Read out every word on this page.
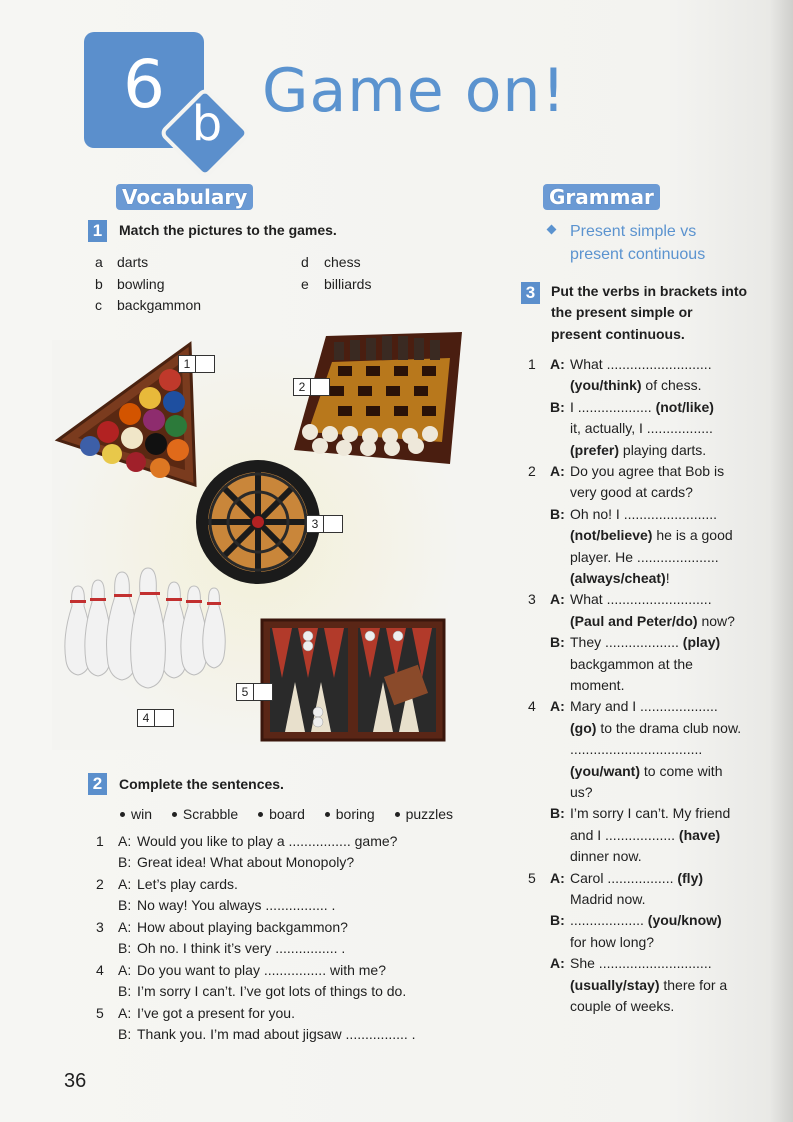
6
b Game on!
Vocabulary
1	Match the pictures to the games.
a darts
b bowling
c backgammon
d chess
e billiards
1
2
3
4
5
2	Complete the sentences.
win Scrabble board boring puzzles
1 A: Would you like to play a ................ game?
B: Great idea! What about Monopoly?
2 A: Let’s play cards.
B: No way! You always ................ .
3 A: How about playing backgammon?
B: Oh no. I think it’s very ................ .
4 A: Do you want to play ................ with me?
B: I’m sorry I can’t. I’ve got lots of things to do.
5 A: I’ve got a present for you.
B: Thank you. I’m mad about jigsaw ................ .
Grammar
Present simple vs
present continuous
3	Put the verbs in brackets into
the present simple or
present continuous.
1 A: What ...........................
(you/think) of chess.
B: I ................... (not/like)
it, actually, I .................
(prefer) playing darts.
2 A: Do you agree that Bob is
very good at cards?
B: Oh no! I ........................
(not/believe) he is a good
player. He .....................
(always/cheat)!
3 A: What ...........................
(Paul and Peter/do) now?
B: They ................... (play)
backgammon at the
moment.
4 A: Mary and I ....................
(go) to the drama club now.
..................................
(you/want) to come with
us?
B: I’m sorry I can’t. My friend
and I .................. (have)
dinner now.
5 A: Carol ................. (fly)
Madrid now.
B: ................... (you/know)
for how long?
A: She .............................
(usually/stay) there for a
couple of weeks.
36
